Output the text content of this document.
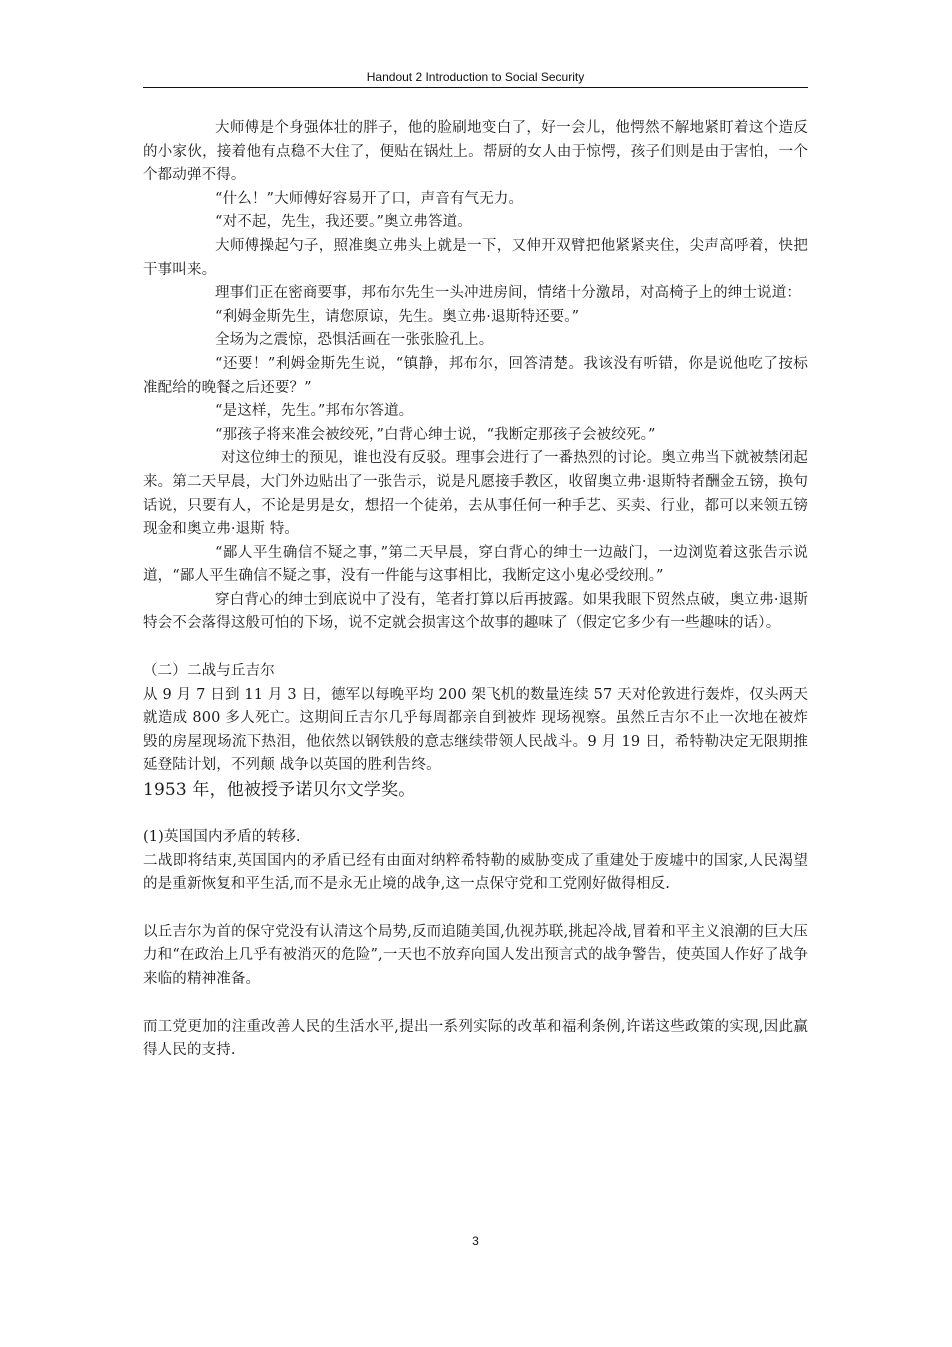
Handout 2 Introduction to Social Security

大师傅是个身强体壮的胖子，他的脸刷地变白了，好一会儿，他愕然不解地紧盯着这个造反的小家伙，接着他有点稳不大住了，便贴在锅灶上。帮厨的女人由于惊愕，孩子们则是由于害怕，一个个都动弹不得。

“什么！”大师傅好容易开了口，声音有气无力。

“对不起，先生，我还要。”奥立弗答道。

大师傅操起勺子，照准奥立弗头上就是一下，又伸开双臂把他紧紧夹住，尖声高呼着，快把干事叫来。

理事们正在密商要事，邦布尔先生一头冲进房间，情绪十分激昂，对高椅子上的绅士说道：

“利姆金斯先生，请您原谅，先生。奥立弗·退斯特还要。”

全场为之震惊，恐惧活画在一张张脸孔上。

“还要！”利姆金斯先生说，“镇静，邦布尔，回答清楚。我该没有听错，你是说他吃了按标准配给的晚餐之后还要？”

“是这样，先生。”邦布尔答道。

“那孩子将来准会被绞死，”白背心绅士说，“我断定那孩子会被绞死。”

对这位绅士的预见，谁也没有反驳。理事会进行了一番热烈的讨论。奥立弗当下就被禁闭起来。第二天早晨，大门外边贴出了一张告示，说是凡愿接手教区，收留奥立弗·退斯特者酬金五镑，换句话说，只要有人，不论是男是女，想招一个徒弟，去从事任何一种手艺、买卖、行业，都可以来领五镑现金和奥立弗·退斯 特。

“鄙人平生确信不疑之事，”第二天早晨，穿白背心的绅士一边敲门，一边浏览着这张告示说道，“鄙人平生确信不疑之事，没有一件能与这事相比，我断定这小鬼必受绞刑。”

穿白背心的绅士到底说中了没有，笔者打算以后再披露。如果我眼下贸然点破，奥立弗·退斯特会不会落得这般可怕的下场，说不定就会损害这个故事的趣味了（假定它多少有一些趣味的话）。

（二）二战与丘吉尔

从 9 月 7 日到 11 月 3 日，德军以每晚平均 200 架飞机的数量连续 57 天对伦敦进行轰炸，仅头两天就造成 800 多人死亡。这期间丘吉尔几乎每周都亲自到被炸 现场视察。虽然丘吉尔不止一次地在被炸毁的房屋现场流下热泪，他依然以钢铁般的意志继续带领人民战斗。9 月 19 日，希特勒决定无限期推延登陆计划，不列颠 战争以英国的胜利告终。

1953 年，他被授予诺贝尔文学奖。

(1)英国国内矛盾的转移.

二战即将结束,英国国内的矛盾已经有由面对纳粹希特勒的威胁变成了重建处于废墟中的国家,人民渴望的是重新恢复和平生活,而不是永无止境的战争,这一点保守党和工党刚好做得相反.

以丘吉尔为首的保守党没有认清这个局势,反而追随美国,仇视苏联,挑起冷战,冒着和平主义浪潮的巨大压力和“在政治上几乎有被消灭的危险”,一天也不放弃向国人发出预言式的战争警告，使英国人作好了战争来临的精神准备。

而工党更加的注重改善人民的生活水平,提出一系列实际的改革和福利条例,许诺这些政策的实现,因此赢得人民的支持.

3
